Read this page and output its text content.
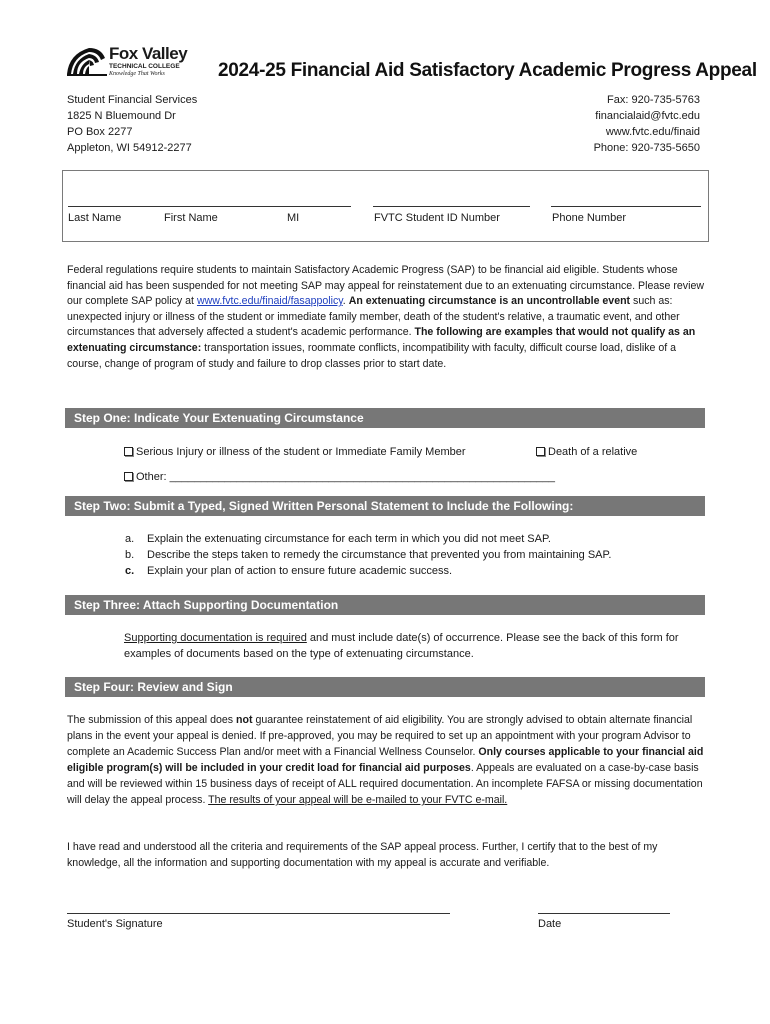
Fox Valley
TECHNICAL COLLEGE
Knowledge That Works	2024-25 Financial Aid Satisfactory Academic Progress Appeal
Student Financial Services
1825 N Bluemound Dr
PO Box 2277
Appleton, WI 54912-2277
Fax: 920-735-5763
financialaid@fvtc.edu
www.fvtc.edu/finaid
Phone: 920-735-5650
Last Name	First Name	MI	FVTC Student ID Number	Phone Number
Federal regulations require students to maintain Satisfactory Academic Progress (SAP) to be financial aid eligible. Students whose financial aid has been suspended for not meeting SAP may appeal for reinstatement due to an extenuating circumstance. Please review our complete SAP policy at www.fvtc.edu/finaid/fasappolicy. An extenuating circumstance is an uncontrollable event such as: unexpected injury or illness of the student or immediate family member, death of the student's relative, a traumatic event, and other circumstances that adversely affected a student's academic performance. The following are examples that would not qualify as an extenuating circumstance: transportation issues, roommate conflicts, incompatibility with faculty, difficult course load, dislike of a course, change of program of study and failure to drop classes prior to start date.
Step One: Indicate Your Extenuating Circumstance
Serious Injury or illness of the student or Immediate Family Member	Death of a relative
Other: _______________________________________________________________
Step Two: Submit a Typed, Signed Written Personal Statement to Include the Following:
a. Explain the extenuating circumstance for each term in which you did not meet SAP.
b. Describe the steps taken to remedy the circumstance that prevented you from maintaining SAP.
c. Explain your plan of action to ensure future academic success.
Step Three: Attach Supporting Documentation
Supporting documentation is required and must include date(s) of occurrence. Please see the back of this form for examples of documents based on the type of extenuating circumstance.
Step Four: Review and Sign
The submission of this appeal does not guarantee reinstatement of aid eligibility. You are strongly advised to obtain alternate financial plans in the event your appeal is denied. If pre-approved, you may be required to set up an appointment with your program Advisor to complete an Academic Success Plan and/or meet with a Financial Wellness Counselor. Only courses applicable to your financial aid eligible program(s) will be included in your credit load for financial aid purposes. Appeals are evaluated on a case-by-case basis and will be reviewed within 15 business days of receipt of ALL required documentation. An incomplete FAFSA or missing documentation will delay the appeal process. The results of your appeal will be e-mailed to your FVTC e-mail.
I have read and understood all the criteria and requirements of the SAP appeal process. Further, I certify that to the best of my knowledge, all the information and supporting documentation with my appeal is accurate and verifiable.
Student's Signature	Date
